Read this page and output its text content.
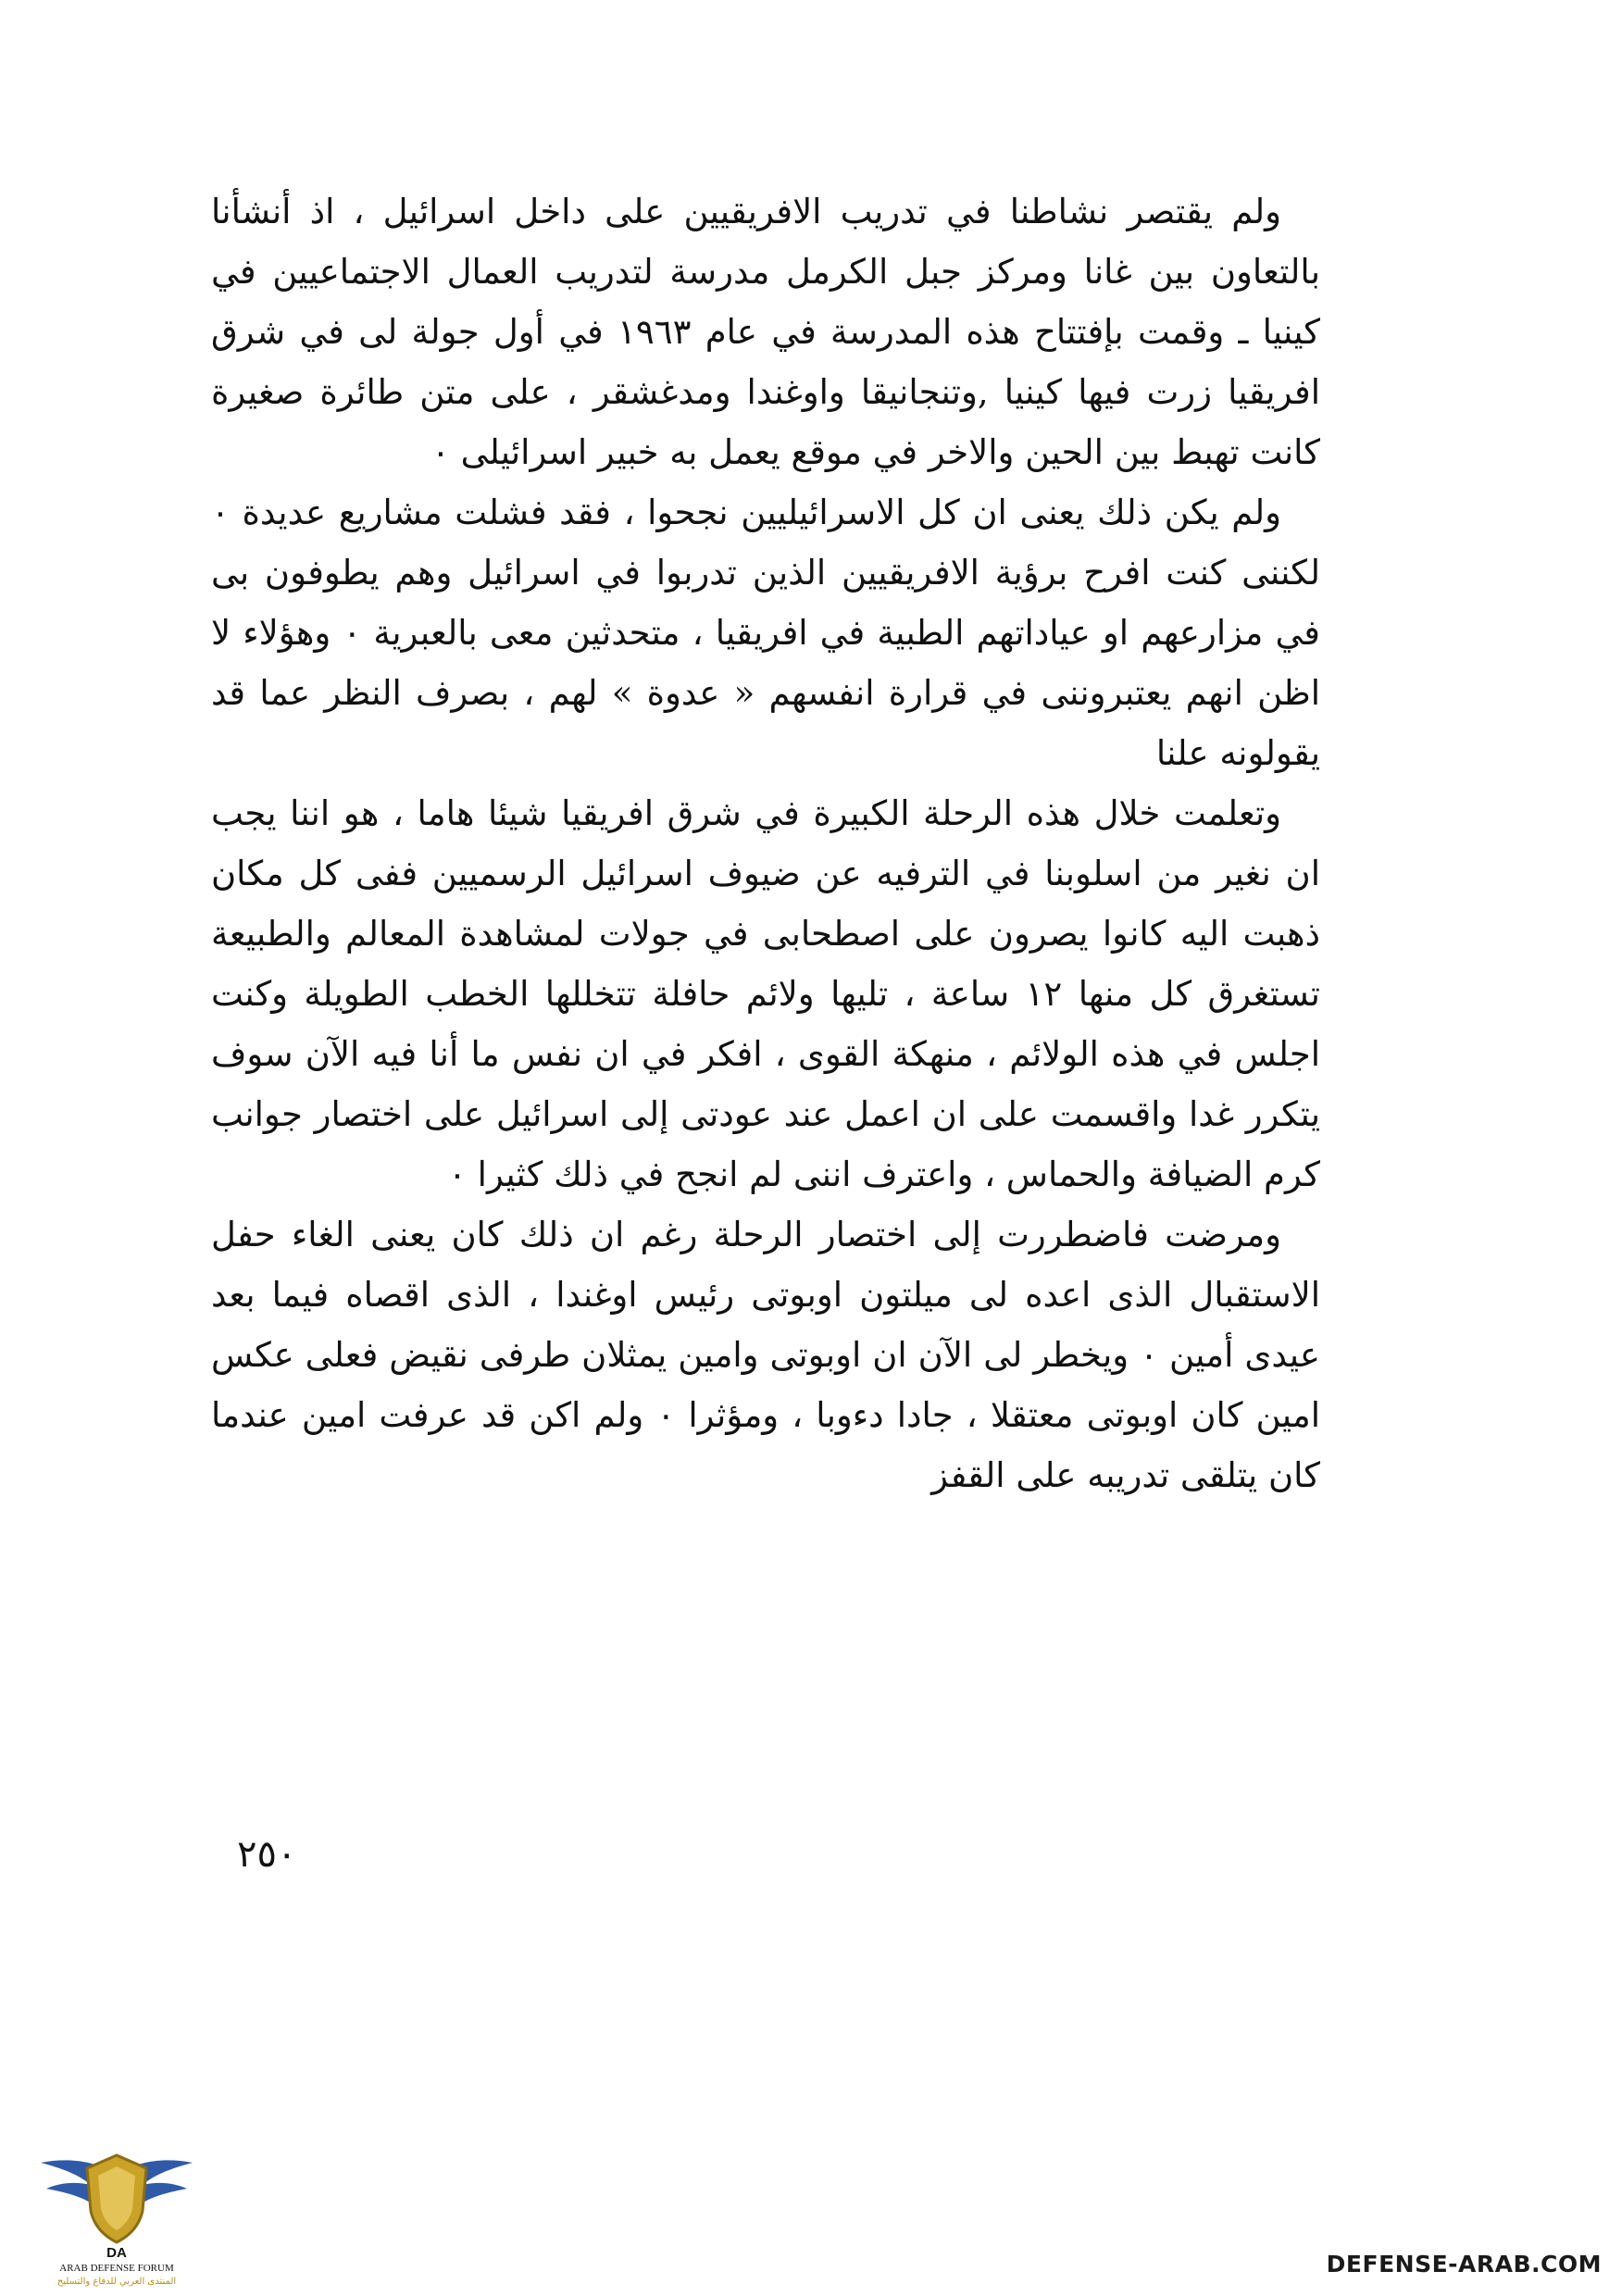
ولم يقتصر نشاطنا في تدريب الافريقيين على داخل اسرائيل ، اذ أنشأنا بالتعاون بين غانا ومركز جبل الكرمل مدرسة لتدريب العمال الاجتماعيين في كينيا ـ وقمت بإفتتاح هذه المدرسة في عام ١٩٦٣ في أول جولة لى في شرق افريقيا زرت فيها كينيا ,وتنجانيقا واوغندا ومدغشقر ، على متن طائرة صغيرة كانت تهبط بين الحين والاخر في موقع يعمل به خبير اسرائيلى ٠

ولم يكن ذلك يعنى ان كل الاسرائيليين نجحوا ، فقد فشلت مشاريع عديدة ٠ لكننى كنت افرح برؤية الافريقيين الذين تدربوا في اسرائيل وهم يطوفون بى في مزارعهم او عياداتهم الطبية في افريقيا ، متحدثين معى بالعبرية ٠ وهؤلاء لا اظن انهم يعتبروننى في قرارة انفسهم « عدوة » لهم ، بصرف النظر عما قد يقولونه علنا

وتعلمت خلال هذه الرحلة الكبيرة في شرق افريقيا شيئا هاما ، هو اننا يجب ان نغير من اسلوبنا في الترفيه عن ضيوف اسرائيل الرسميين ففى كل مكان ذهبت اليه كانوا يصرون على اصطحابى في جولات لمشاهدة المعالم والطبيعة تستغرق كل منها ١٢ ساعة ، تليها ولائم حافلة تتخللها الخطب الطويلة وكنت اجلس في هذه الولائم ، منهكة القوى ، افكر في ان نفس ما أنا فيه الآن سوف يتكرر غدا واقسمت على ان اعمل عند عودتى إلى اسرائيل على اختصار جوانب كرم الضيافة والحماس ، واعترف اننى لم انجح في ذلك كثيرا ٠

ومرضت فاضطررت إلى اختصار الرحلة رغم ان ذلك كان يعنى الغاء حفل الاستقبال الذى اعده لى ميلتون اوبوتى رئيس اوغندا ، الذى اقصاه فيما بعد عيدى أمين ٠ ويخطر لى الآن ان اوبوتى وامين يمثلان طرفى نقيض فعلى عكس امين كان اوبوتى معتقلا ، جادا دءوبا ، ومؤثرا ٠ ولم اكن قد عرفت امين عندما كان يتلقى تدريبه على القفز

٢٥٠
DA
ARAB DEFENSE FORUM
المنتدى العربي للدفاع والتسليح
DEFENSE-ARAB.COM
